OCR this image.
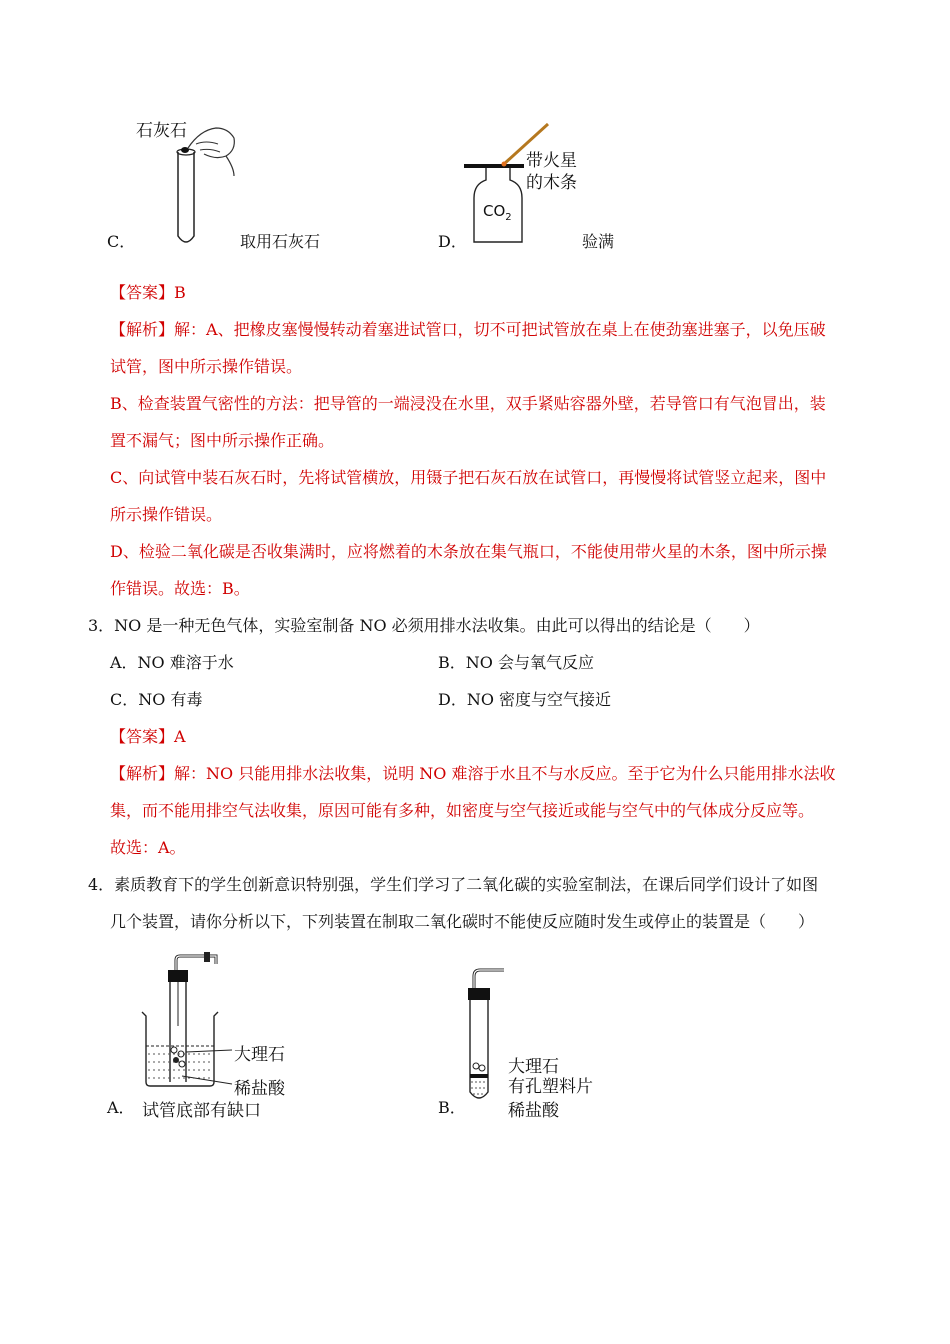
石灰石
C．	取用石灰石
$CO_2$
带火星
的木条
D．	验满
【答案】B
【解析】解：A、把橡皮塞慢慢转动着塞进试管口，切不可把试管放在桌上在使劲塞进塞子，以免压破
试管，图中所示操作错误。
B、检查装置气密性的方法：把导管的一端浸没在水里，双手紧贴容器外壁，若导管口有气泡冒出，装
置不漏气；图中所示操作正确。
C、向试管中装石灰石时，先将试管横放，用镊子把石灰石放在试管口，再慢慢将试管竖立起来，图中
所示操作错误。
D、检验二氧化碳是否收集满时，应将燃着的木条放在集气瓶口，不能使用带火星的木条，图中所示操
作错误。故选：B。
3．NO 是一种无色气体，实验室制备 NO 必须用排水法收集。由此可以得出的结论是（　　）
A．NO 难溶于水	B．NO 会与氧气反应
C．NO 有毒	D．NO 密度与空气接近
【答案】A
【解析】解：NO 只能用排水法收集，说明 NO 难溶于水且不与水反应。至于它为什么只能用排水法收
集，而不能用排空气法收集，原因可能有多种，如密度与空气接近或能与空气中的气体成分反应等。
故选：A。
4．素质教育下的学生创新意识特别强，学生们学习了二氧化碳的实验室制法，在课后同学们设计了如图
几个装置，请你分析以下，下列装置在制取二氧化碳时不能使反应随时发生或停止的装置是（　　）
大理石
稀盐酸
A． 试管底部有缺口
大理石
有孔塑料片
稀盐酸
B．
